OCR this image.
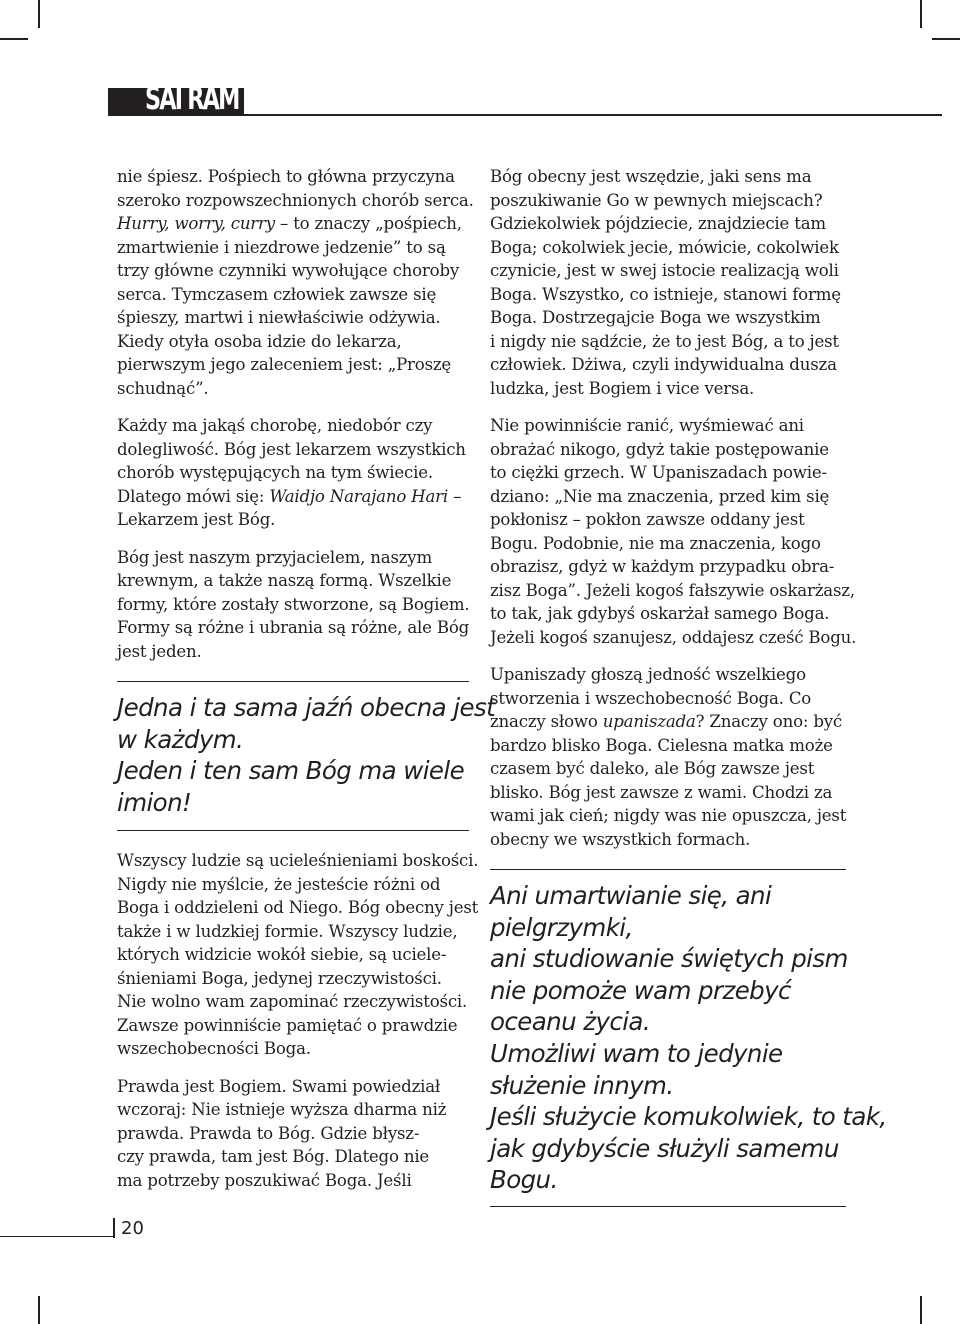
SAI RAM

nie śpiesz. Pośpiech to główna przyczyna
szeroko rozpowszechnionych chorób serca.
Hurry, worry, curry – to znaczy „pośpiech,
zmartwienie i niezdrowe jedzenie” to są
trzy główne czynniki wywołujące choroby
serca. Tymczasem człowiek zawsze się
śpieszy, martwi i niewłaściwie odżywia.
Kiedy otyła osoba idzie do lekarza,
pierwszym jego zaleceniem jest: „Proszę
schudnąć”.

Każdy ma jakąś chorobę, niedobór czy
dolegliwość. Bóg jest lekarzem wszystkich
chorób występujących na tym świecie.
Dlatego mówi się: Waidjo Narajano Hari –
Lekarzem jest Bóg.

Bóg jest naszym przyjacielem, naszym
krewnym, a także naszą formą. Wszelkie
formy, które zostały stworzone, są Bogiem.
Formy są różne i ubrania są różne, ale Bóg
jest jeden.

Jedna i ta sama jaźń obecna jest
w każdym.
Jeden i ten sam Bóg ma wiele
imion!

Wszyscy ludzie są ucieleśnieniami boskości.
Nigdy nie myślcie, że jesteście różni od
Boga i oddzieleni od Niego. Bóg obecny jest
także i w ludzkiej formie. Wszyscy ludzie,
których widzicie wokół siebie, są uciele-
śnieniami Boga, jedynej rzeczywistości.
Nie wolno wam zapominać rzeczywistości.
Zawsze powinniście pamiętać o prawdzie
wszechobecności Boga.

Prawda jest Bogiem. Swami powiedział
wczoraj: Nie istnieje wyższa dharma niż
prawda. Prawda to Bóg. Gdzie błysz-
czy prawda, tam jest Bóg. Dlatego nie
ma potrzeby poszukiwać Boga. Jeśli

Bóg obecny jest wszędzie, jaki sens ma
poszukiwanie Go w pewnych miejscach?
Gdziekolwiek pójdziecie, znajdziecie tam
Boga; cokolwiek jecie, mówicie, cokolwiek
czynicie, jest w swej istocie realizacją woli
Boga. Wszystko, co istnieje, stanowi formę
Boga. Dostrzegajcie Boga we wszystkim
i nigdy nie sądźcie, że to jest Bóg, a to jest
człowiek. Dżiwa, czyli indywidualna dusza
ludzka, jest Bogiem i vice versa.

Nie powinniście ranić, wyśmiewać ani
obrażać nikogo, gdyż takie postępowanie
to ciężki grzech. W Upaniszadach powie-
dziano: „Nie ma znaczenia, przed kim się
pokłonisz – pokłon zawsze oddany jest
Bogu. Podobnie, nie ma znaczenia, kogo
obrazisz, gdyż w każdym przypadku obra-
zisz Boga”. Jeżeli kogoś fałszywie oskarżasz,
to tak, jak gdybyś oskarżał samego Boga.
Jeżeli kogoś szanujesz, oddajesz cześć Bogu.

Upaniszady głoszą jedność wszelkiego
stworzenia i wszechobecność Boga. Co
znaczy słowo upaniszada? Znaczy ono: być
bardzo blisko Boga. Cielesna matka może
czasem być daleko, ale Bóg zawsze jest
blisko. Bóg jest zawsze z wami. Chodzi za
wami jak cień; nigdy was nie opuszcza, jest
obecny we wszystkich formach.

Ani umartwianie się, ani
pielgrzymki,
ani studiowanie świętych pism
nie pomoże wam przebyć
oceanu życia.
Umożliwi wam to jedynie
służenie innym.
Jeśli służycie komukolwiek, to tak,
jak gdybyście służyli samemu
Bogu.
20
